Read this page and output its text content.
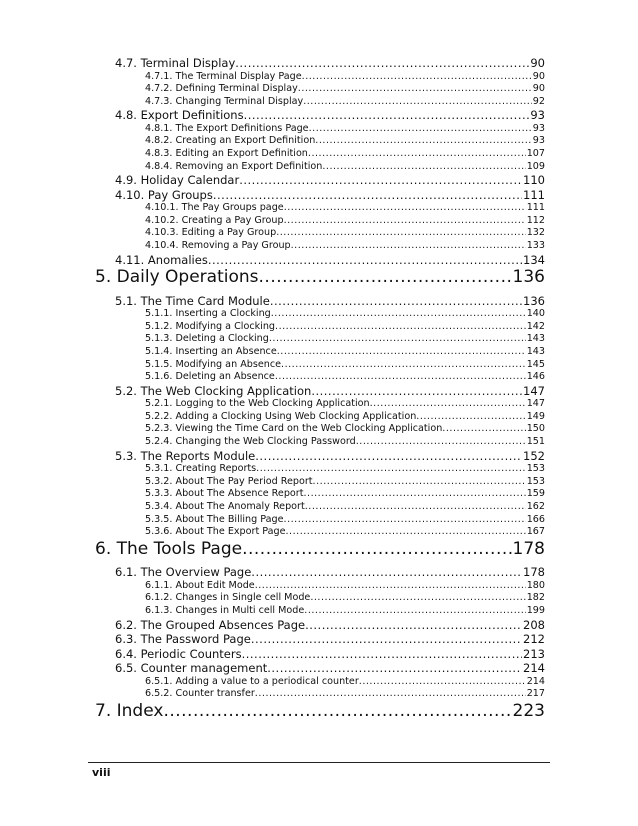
4.7. Terminal Display .....	90
4.7.1. The Terminal Display Page .....	90
4.7.2. Defining Terminal Display .....	90
4.7.3. Changing Terminal Display .....	92
4.8. Export Definitions .....	93
4.8.1. The Export Definitions Page .....	93
4.8.2. Creating an Export Definition .....	93
4.8.3. Editing an Export Definition .....	107
4.8.4. Removing an Export Definition .....	109
4.9. Holiday Calendar .....	110
4.10. Pay Groups .....	111
4.10.1. The Pay Groups page .....	111
4.10.2. Creating a Pay Group .....	112
4.10.3. Editing a Pay Group .....	132
4.10.4. Removing a Pay Group .....	133
4.11. Anomalies .....	134
5. Daily Operations .....	136
5.1. The Time Card Module .....	136
5.1.1. Inserting a Clocking .....	140
5.1.2. Modifying a Clocking .....	142
5.1.3. Deleting a Clocking .....	143
5.1.4. Inserting an Absence .....	143
5.1.5. Modifying an Absence .....	145
5.1.6. Deleting an Absence .....	146
5.2. The Web Clocking Application .....	147
5.2.1. Logging to the Web Clocking Application .....	147
5.2.2. Adding a Clocking Using Web Clocking Application .....	149
5.2.3. Viewing the Time Card on the Web Clocking Application .....	150
5.2.4. Changing the Web Clocking Password .....	151
5.3. The Reports Module .....	152
5.3.1. Creating Reports .....	153
5.3.2. About The Pay Period Report .....	153
5.3.3. About The Absence Report .....	159
5.3.4. About The Anomaly Report .....	162
5.3.5. About The Billing Page .....	166
5.3.6. About The Export Page .....	167
6. The Tools Page .....	178
6.1. The Overview Page .....	178
6.1.1. About Edit Mode .....	180
6.1.2. Changes in Single cell Mode .....	182
6.1.3. Changes in Multi cell Mode .....	199
6.2. The Grouped Absences Page .....	208
6.3. The Password Page .....	212
6.4. Periodic Counters .....	213
6.5. Counter management .....	214
6.5.1. Adding a value to a periodical counter .....	214
6.5.2. Counter transfer .....	217
7. Index .....	223
viii
